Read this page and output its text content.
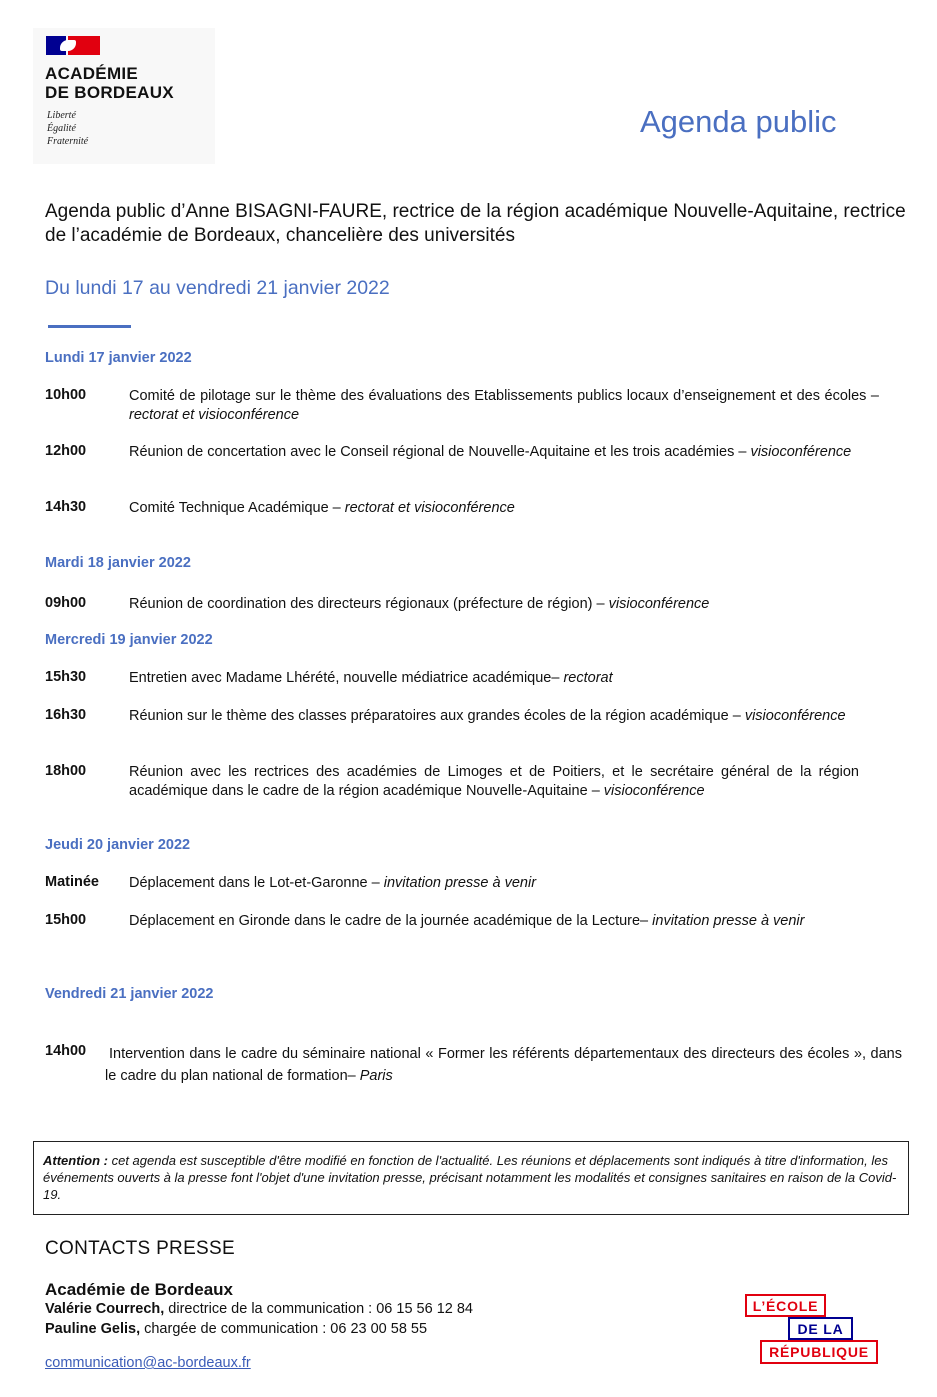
ACADÉMIE
DE BORDEAUX
Liberté
Égalité
Fraternité
Agenda public
Agenda public d’Anne BISAGNI-FAURE, rectrice de la région académique Nouvelle-Aquitaine, rectrice de l’académie de Bordeaux, chancelière des universités
Du lundi 17 au vendredi 21 janvier 2022
Lundi 17 janvier 2022
10h00	Comité de pilotage sur le thème des évaluations des Etablissements publics locaux d’enseignement et des écoles – rectorat et visioconférence
12h00	Réunion de concertation avec le Conseil régional de Nouvelle-Aquitaine et les trois académies – visioconférence
14h30	Comité Technique Académique – rectorat et visioconférence
Mardi 18 janvier 2022
09h00	Réunion de coordination des directeurs régionaux (préfecture de région) – visioconférence
Mercredi 19 janvier 2022
15h30	Entretien avec Madame Lhérété, nouvelle médiatrice académique– rectorat
16h30	Réunion sur le thème des classes préparatoires aux grandes écoles de la région académique – visioconférence
18h00	Réunion avec les rectrices des académies de Limoges et de Poitiers, et le secrétaire général de la région académique dans le cadre de la région académique Nouvelle-Aquitaine – visioconférence
Jeudi 20 janvier 2022
Matinée Déplacement dans le Lot-et-Garonne – invitation presse à venir
15h00	Déplacement en Gironde dans le cadre de la journée académique de la Lecture– invitation presse à venir
Vendredi 21 janvier 2022
14h00 Intervention dans le cadre du séminaire national « Former les référents départementaux des directeurs des écoles », dans le cadre du plan national de formation– Paris
Attention : cet agenda est susceptible d'être modifié en fonction de l'actualité. Les réunions et déplacements sont indiqués à titre d'information, les événements ouverts à la presse font l'objet d'une invitation presse, précisant notamment les modalités et consignes sanitaires en raison de la Covid-19.
CONTACTS PRESSE
Académie de Bordeaux
Valérie Courrech, directrice de la communication : 06 15 56 12 84
Pauline Gelis, chargée de communication : 06 23 00 58 55
communication@ac-bordeaux.fr
L’ÉCOLE
DE LA
RÉPUBLIQUE
